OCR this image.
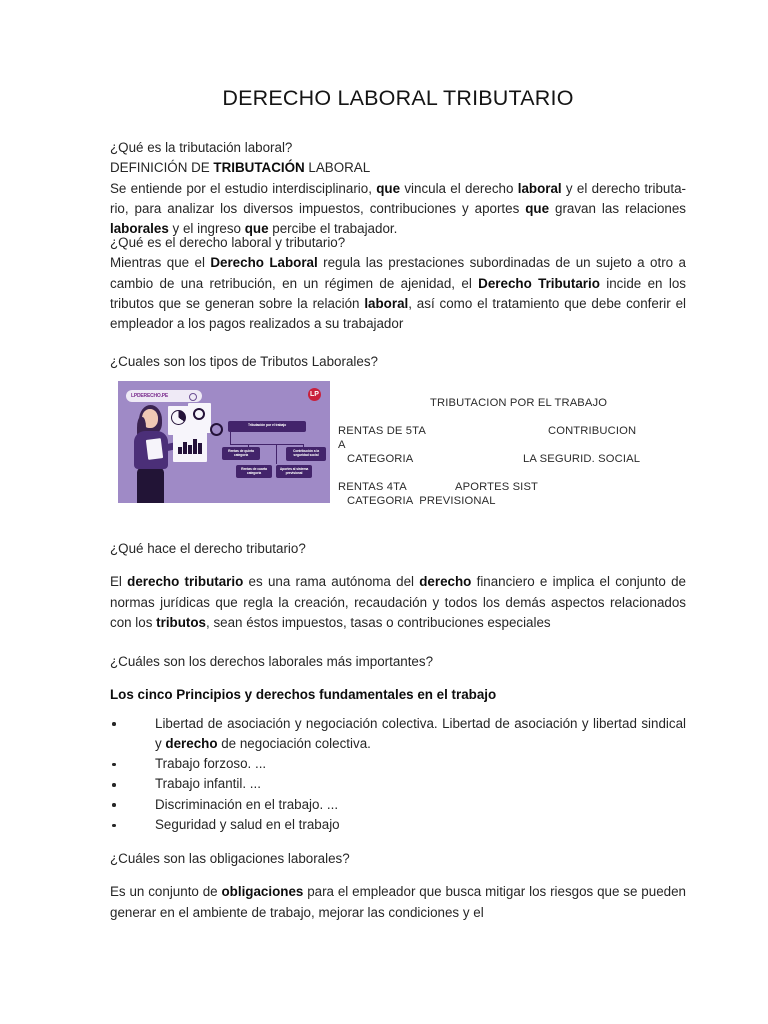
DERECHO LABORAL TRIBUTARIO
¿Qué es la tributación laboral?
DEFINICIÓN DE TRIBUTACIÓN LABORAL

Se entiende por el estudio interdisciplinario, que vincula el derecho laboral y el derecho tributa- rio, para analizar los diversos impuestos, contribuciones y aportes que gravan las relaciones laborales y el ingreso que percibe el trabajador.

¿Qué es el derecho laboral y tributario?

Mientras que el Derecho Laboral regula las prestaciones subordinadas de un sujeto a otro a cambio de una retribución, en un régimen de ajenidad, el Derecho Tributario incide en los tributos que se generan sobre la relación laboral, así como el tratamiento que debe conferir el empleador a los pagos realizados a su trabajador

¿Cuales son los tipos de Tributos Laborales?
LPDERECHO.PE	LP
Tributación por el trabajo
Rentas de quinta categoría
Contribución a la seguridad social
Rentas de cuarta categoría
Aportes al sistema previsional
TRIBUTACION POR EL TRABAJO
RENTAS DE 5TA
A
CATEGORIA
RENTAS 4TA
CATEGORIA  PREVISIONAL
CONTRIBUCION
LA SEGURID. SOCIAL
APORTES SIST
¿Qué hace el derecho tributario?

El derecho tributario es una rama autónoma del derecho financiero e implica el conjunto de normas jurídicas que regla la creación, recaudación y todos los demás aspectos relacionados con los tributos, sean éstos impuestos, tasas o contribuciones especiales

¿Cuáles son los derechos laborales más importantes?
Los cinco Principios y derechos fundamentales en el trabajo
Libertad de asociación y negociación colectiva. Libertad de asociación y libertad sindical y derecho de negociación colectiva.
Trabajo forzoso. ...
Trabajo infantil. ...
Discriminación en el trabajo. ...
Seguridad y salud en el trabajo
¿Cuáles son las obligaciones laborales?

Es un conjunto de obligaciones para el empleador que busca mitigar los riesgos que se pueden generar en el ambiente de trabajo, mejorar las condiciones y el
